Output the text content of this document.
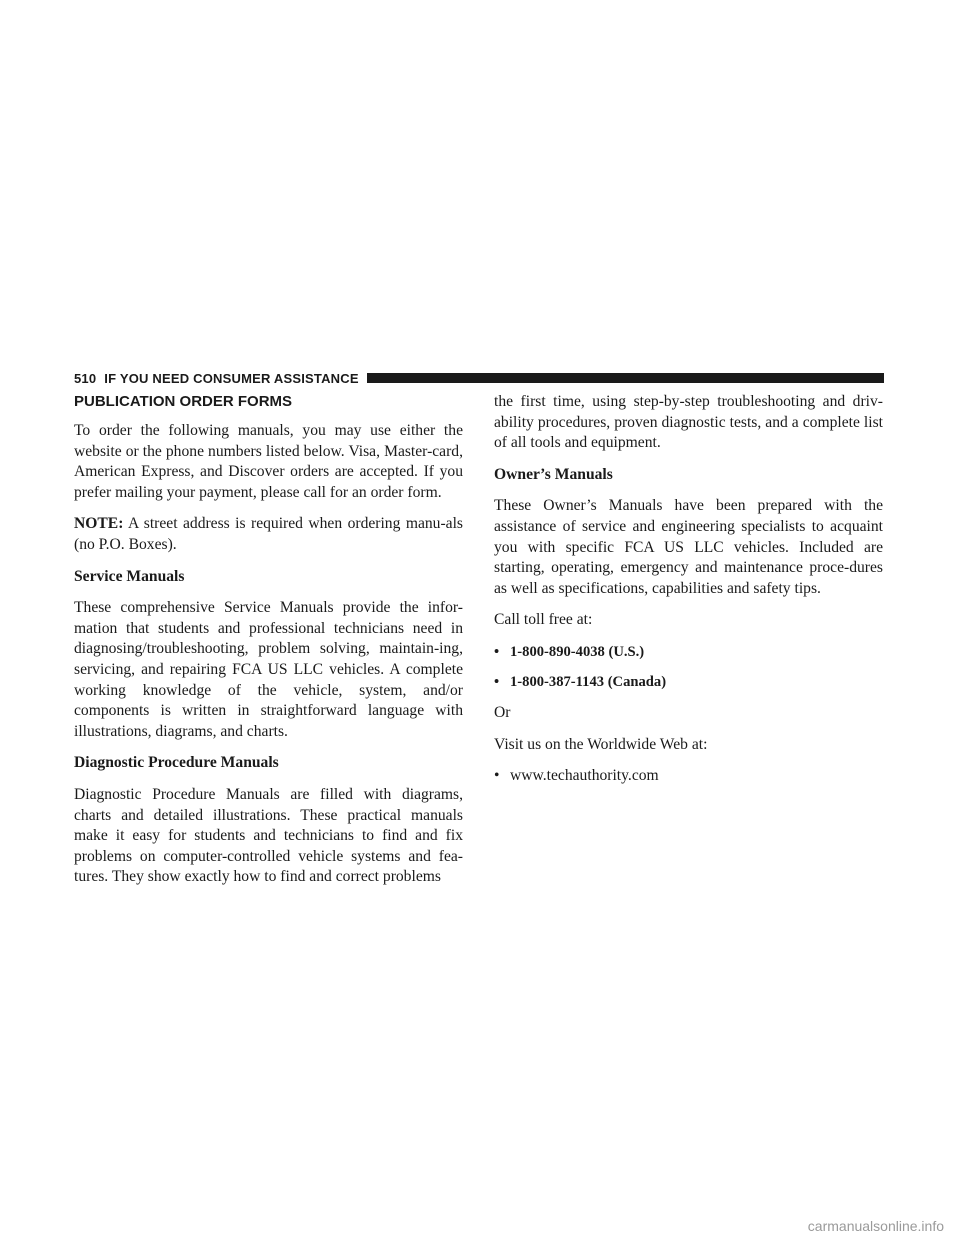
510 IF YOU NEED CONSUMER ASSISTANCE
PUBLICATION ORDER FORMS

To order the following manuals, you may use either the website or the phone numbers listed below. Visa, Master-card, American Express, and Discover orders are accepted. If you prefer mailing your payment, please call for an order form.

NOTE: A street address is required when ordering manu-als (no P.O. Boxes).

Service Manuals

These comprehensive Service Manuals provide the infor-mation that students and professional technicians need in diagnosing/troubleshooting, problem solving, maintain-ing, servicing, and repairing FCA US LLC vehicles. A complete working knowledge of the vehicle, system, and/or components is written in straightforward language with illustrations, diagrams, and charts.

Diagnostic Procedure Manuals

Diagnostic Procedure Manuals are filled with diagrams, charts and detailed illustrations. These practical manuals make it easy for students and technicians to find and fix problems on computer-controlled vehicle systems and fea-tures. They show exactly how to find and correct problems

the first time, using step-by-step troubleshooting and driv-ability procedures, proven diagnostic tests, and a complete list of all tools and equipment.

Owner’s Manuals

These Owner’s Manuals have been prepared with the assistance of service and engineering specialists to acquaint you with specific FCA US LLC vehicles. Included are starting, operating, emergency and maintenance proce-dures as well as specifications, capabilities and safety tips.

Call toll free at:

• 1-800-890-4038 (U.S.)
• 1-800-387-1143 (Canada)

Or

Visit us on the Worldwide Web at:

• www.techauthority.com
carmanualsonline.info
